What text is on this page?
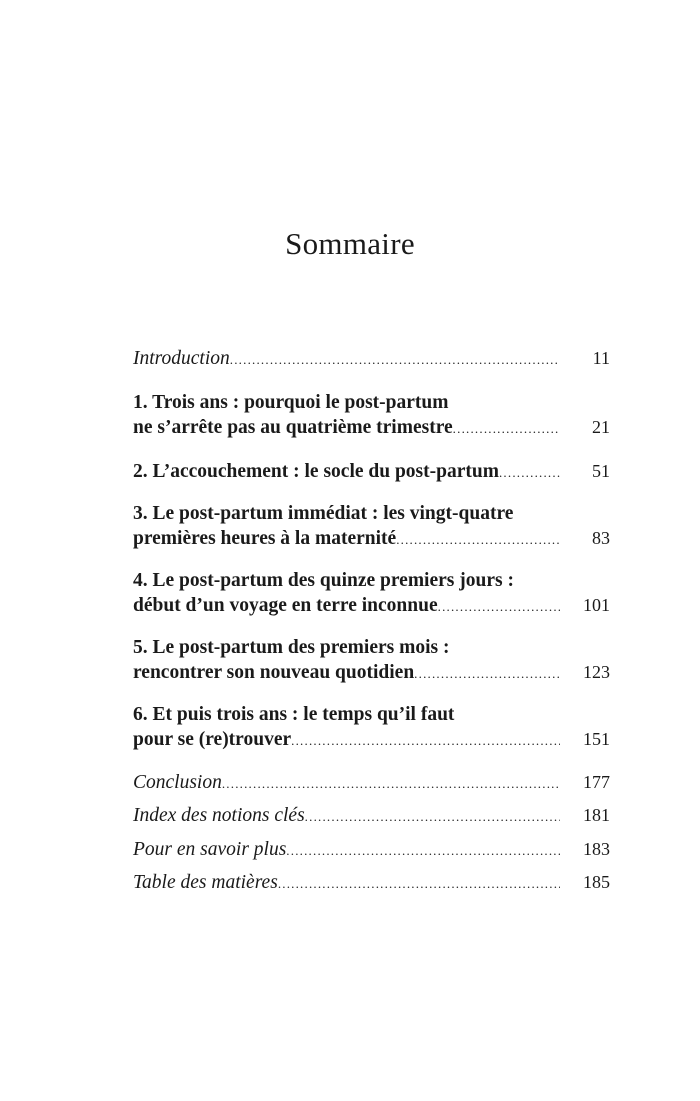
Sommaire
Introduction .....	11
1. Trois ans : pourquoi le post-partum
ne s’arrête pas au quatrième trimestre .....	21
2. L’accouchement : le socle du post-partum .....	51
3. Le post-partum immédiat : les vingt-quatre
premières heures à la maternité .....	83
4. Le post-partum des quinze premiers jours :
début d’un voyage en terre inconnue .....	101
5. Le post-partum des premiers mois :
rencontrer son nouveau quotidien .....	123
6. Et puis trois ans : le temps qu’il faut
pour se (re)trouver .....	151
Conclusion .....	177
Index des notions clés .....	181
Pour en savoir plus .....	183
Table des matières .....	185
